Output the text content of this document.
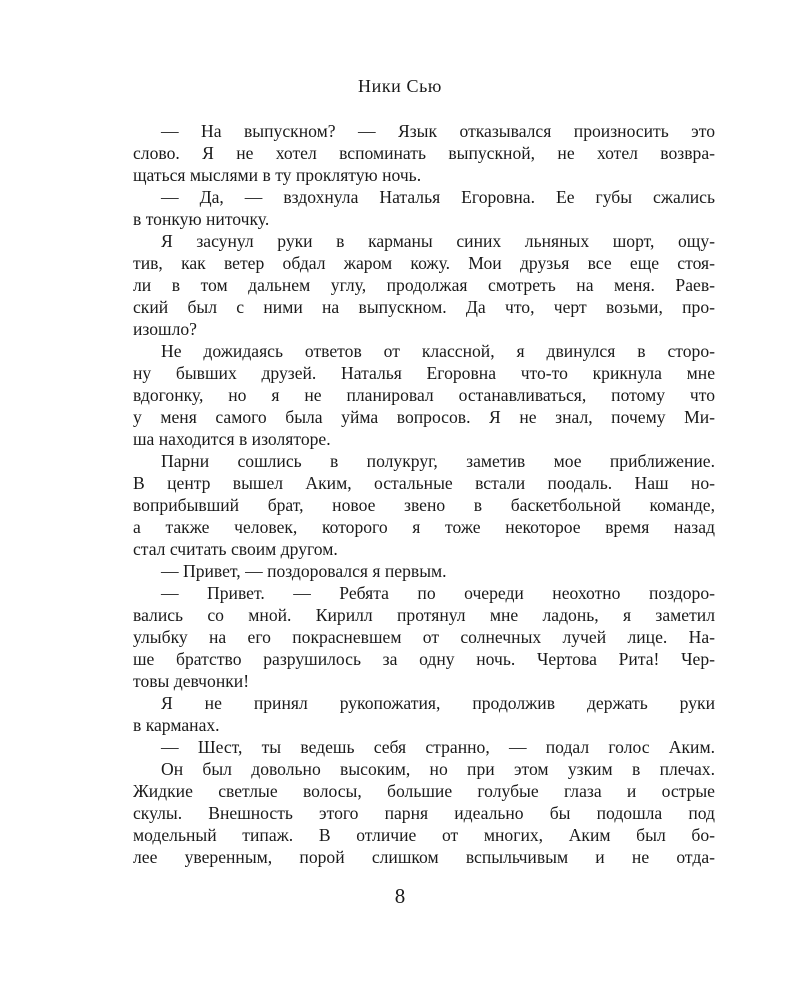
Ники Сью
— На выпускном? — Язык отказывался произносить это
слово. Я не хотел вспоминать выпускной, не хотел возвра-
щаться мыслями в ту проклятую ночь.
— Да, — вздохнула Наталья Егоровна. Ее губы сжались
в тонкую ниточку.
Я засунул руки в карманы синих льняных шорт, ощу-
тив, как ветер обдал жаром кожу. Мои друзья все еще стоя-
ли в том дальнем углу, продолжая смотреть на меня. Раев-
ский был с ними на выпускном. Да что, черт возьми, про-
изошло?
Не дожидаясь ответов от классной, я двинулся в сторо-
ну бывших друзей. Наталья Егоровна что-то крикнула мне
вдогонку, но я не планировал останавливаться, потому что
у меня самого была уйма вопросов. Я не знал, почему Ми-
ша находится в изоляторе.
Парни сошлись в полукруг, заметив мое приближение.
В центр вышел Аким, остальные встали поодаль. Наш но-
воприбывший брат, новое звено в баскетбольной команде,
а также человек, которого я тоже некоторое время назад
стал считать своим другом.
— Привет, — поздоровался я первым.
— Привет. — Ребята по очереди неохотно поздоро-
вались со мной. Кирилл протянул мне ладонь, я заметил
улыбку на его покрасневшем от солнечных лучей лице. На-
ше братство разрушилось за одну ночь. Чертова Рита! Чер-
товы девчонки!
Я не принял рукопожатия, продолжив держать руки
в карманах.
— Шест, ты ведешь себя странно, — подал голос Аким.
Он был довольно высоким, но при этом узким в плечах.
Жидкие светлые волосы, большие голубые глаза и острые
скулы. Внешность этого парня идеально бы подошла под
модельный типаж. В отличие от многих, Аким был бо-
лее уверенным, порой слишком вспыльчивым и не отда-
8
